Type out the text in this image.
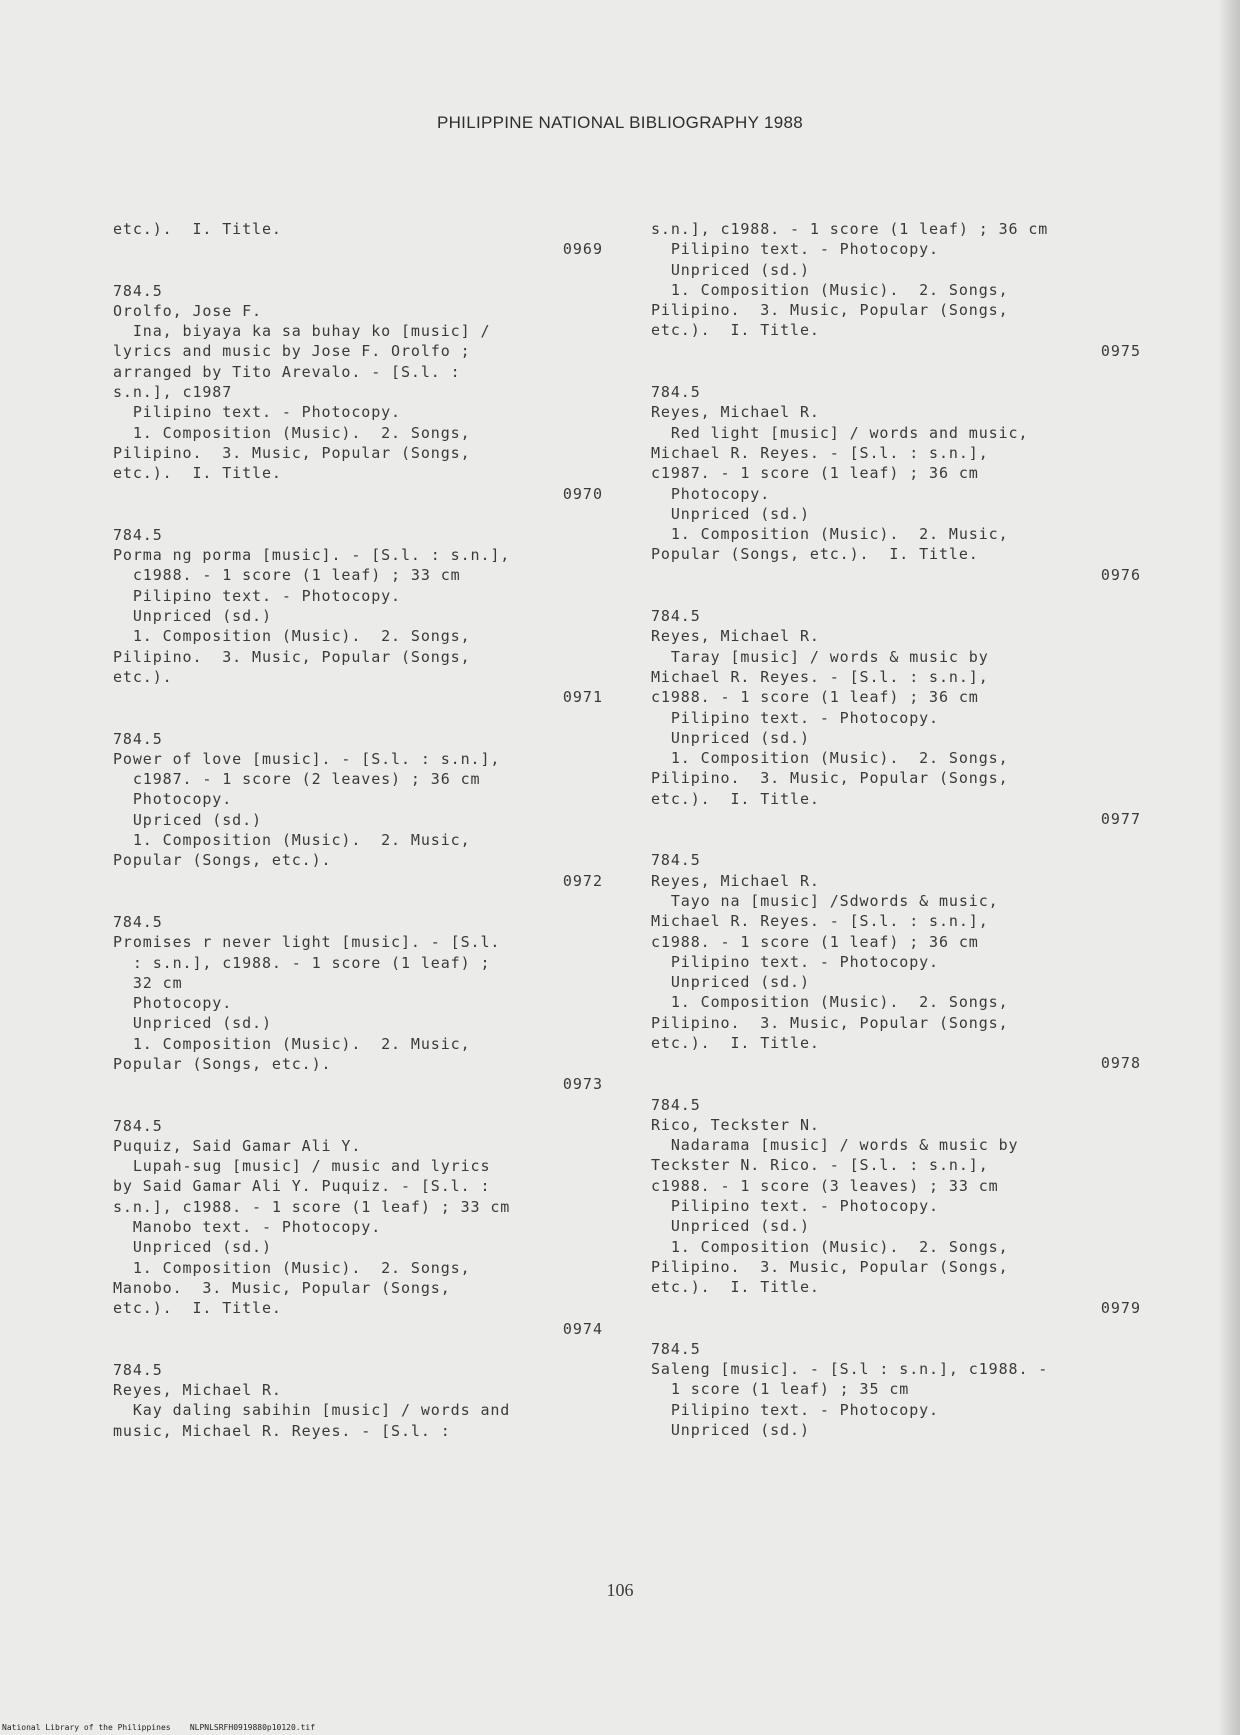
PHILIPPINE NATIONAL BIBLIOGRAPHY 1988
etc.).  I. Title.
0969
784.5
Orolfo, Jose F.
Ina, biyaya ka sa buhay ko [music] /
lyrics and music by Jose F. Orolfo ;
arranged by Tito Arevalo. - [S.l. :
s.n.], c1987
Pilipino text. - Photocopy.
1. Composition (Music).  2. Songs,
Pilipino.  3. Music, Popular (Songs,
etc.).  I. Title.
0970
784.5
Porma ng porma [music]. - [S.l. : s.n.],
c1988. - 1 score (1 leaf) ; 33 cm
Pilipino text. - Photocopy.
Unpriced (sd.)
1. Composition (Music).  2. Songs,
Pilipino.  3. Music, Popular (Songs,
etc.).
0971
784.5
Power of love [music]. - [S.l. : s.n.],
c1987. - 1 score (2 leaves) ; 36 cm
Photocopy.
Upriced (sd.)
1. Composition (Music).  2. Music,
Popular (Songs, etc.).
0972
784.5
Promises r never light [music]. - [S.l.
: s.n.], c1988. - 1 score (1 leaf) ;
32 cm
Photocopy.
Unpriced (sd.)
1. Composition (Music).  2. Music,
Popular (Songs, etc.).
0973
784.5
Puquiz, Said Gamar Ali Y.
Lupah-sug [music] / music and lyrics
by Said Gamar Ali Y. Puquiz. - [S.l. :
s.n.], c1988. - 1 score (1 leaf) ; 33 cm
Manobo text. - Photocopy.
Unpriced (sd.)
1. Composition (Music).  2. Songs,
Manobo.  3. Music, Popular (Songs,
etc.).  I. Title.
0974
784.5
Reyes, Michael R.
Kay daling sabihin [music] / words and
music, Michael R. Reyes. - [S.l. :
s.n.], c1988. - 1 score (1 leaf) ; 36 cm
Pilipino text. - Photocopy.
Unpriced (sd.)
1. Composition (Music).  2. Songs,
Pilipino.  3. Music, Popular (Songs,
etc.).  I. Title.
0975
784.5
Reyes, Michael R.
Red light [music] / words and music,
Michael R. Reyes. - [S.l. : s.n.],
c1987. - 1 score (1 leaf) ; 36 cm
Photocopy.
Unpriced (sd.)
1. Composition (Music).  2. Music,
Popular (Songs, etc.).  I. Title.
0976
784.5
Reyes, Michael R.
Taray [music] / words & music by
Michael R. Reyes. - [S.l. : s.n.],
c1988. - 1 score (1 leaf) ; 36 cm
Pilipino text. - Photocopy.
Unpriced (sd.)
1. Composition (Music).  2. Songs,
Pilipino.  3. Music, Popular (Songs,
etc.).  I. Title.
0977
784.5
Reyes, Michael R.
Tayo na [music] /Sdwords & music,
Michael R. Reyes. - [S.l. : s.n.],
c1988. - 1 score (1 leaf) ; 36 cm
Pilipino text. - Photocopy.
Unpriced (sd.)
1. Composition (Music).  2. Songs,
Pilipino.  3. Music, Popular (Songs,
etc.).  I. Title.
0978
784.5
Rico, Teckster N.
Nadarama [music] / words & music by
Teckster N. Rico. - [S.l. : s.n.],
c1988. - 1 score (3 leaves) ; 33 cm
Pilipino text. - Photocopy.
Unpriced (sd.)
1. Composition (Music).  2. Songs,
Pilipino.  3. Music, Popular (Songs,
etc.).  I. Title.
0979
784.5
Saleng [music]. - [S.l : s.n.], c1988. -
1 score (1 leaf) ; 35 cm
Pilipino text. - Photocopy.
Unpriced (sd.)
106
National Library of the Philippines    NLPNLSRFH0919880p10120.tif
